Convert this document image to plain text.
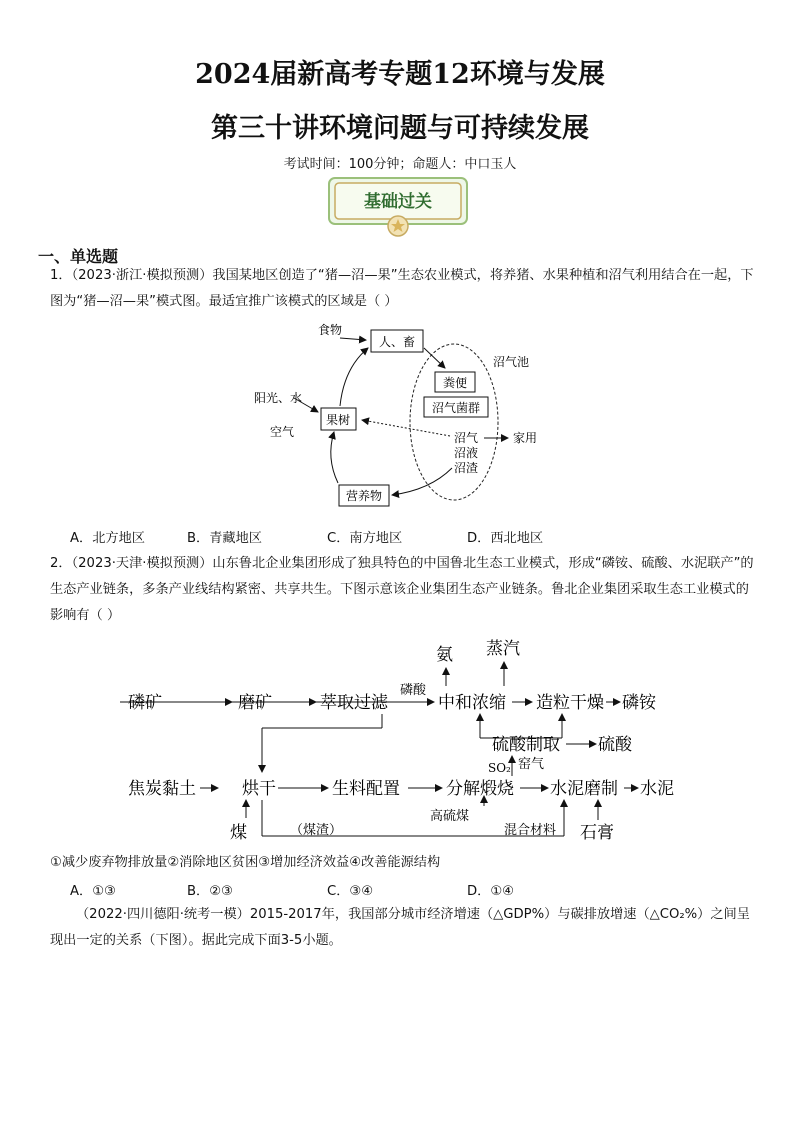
2024届新高考专题12环境与发展
第三十讲环境问题与可持续发展
考试时间：100分钟；命题人：中口玉人
基础过关
一、单选题
1．（2023·浙江·模拟预测）我国某地区创造了“猪—沼—果”生态农业模式，将养猪、水果种植和沼气利用结合在一起，下图为“猪—沼—果”模式图。最适宜推广该模式的区域是（ ）
人、畜
粪便
沼气菌群
果树
营养物
食物
沼气池
阳光、水
空气	沼气
沼液
沼渣
家用
A．北方地区	B．青藏地区	C．南方地区	D．西北地区
2．（2023·天津·模拟预测）山东鲁北企业集团形成了独具特色的中国鲁北生态工业模式，形成“磷铵、硫酸、水泥联产”的生态产业链条，多条产业线结构紧密、共享共生。下图示意该企业集团生态产业链条。鲁北企业集团采取生态工业模式的影响有（ ）
磷矿	磨矿	萃取过滤
磷酸
中和浓缩 造粒干燥 磷铵
氨 蒸汽
硫酸制取 硫酸
SO₂ 窑气
焦炭黏土	烘干	生料配置	分解煅烧 水泥磨制 水泥
高硫煤
煤	（煤渣）	混合材料 石膏
①减少废弃物排放量②消除地区贫困③增加经济效益④改善能源结构
A．①③	B．②③	C．③④	D．①④
（2022·四川德阳·统考一模）2015-2017年，我国部分城市经济增速（△GDP%）与碳排放增速（△CO₂%）之间呈现出一定的关系（下图）。据此完成下面3-5小题。
